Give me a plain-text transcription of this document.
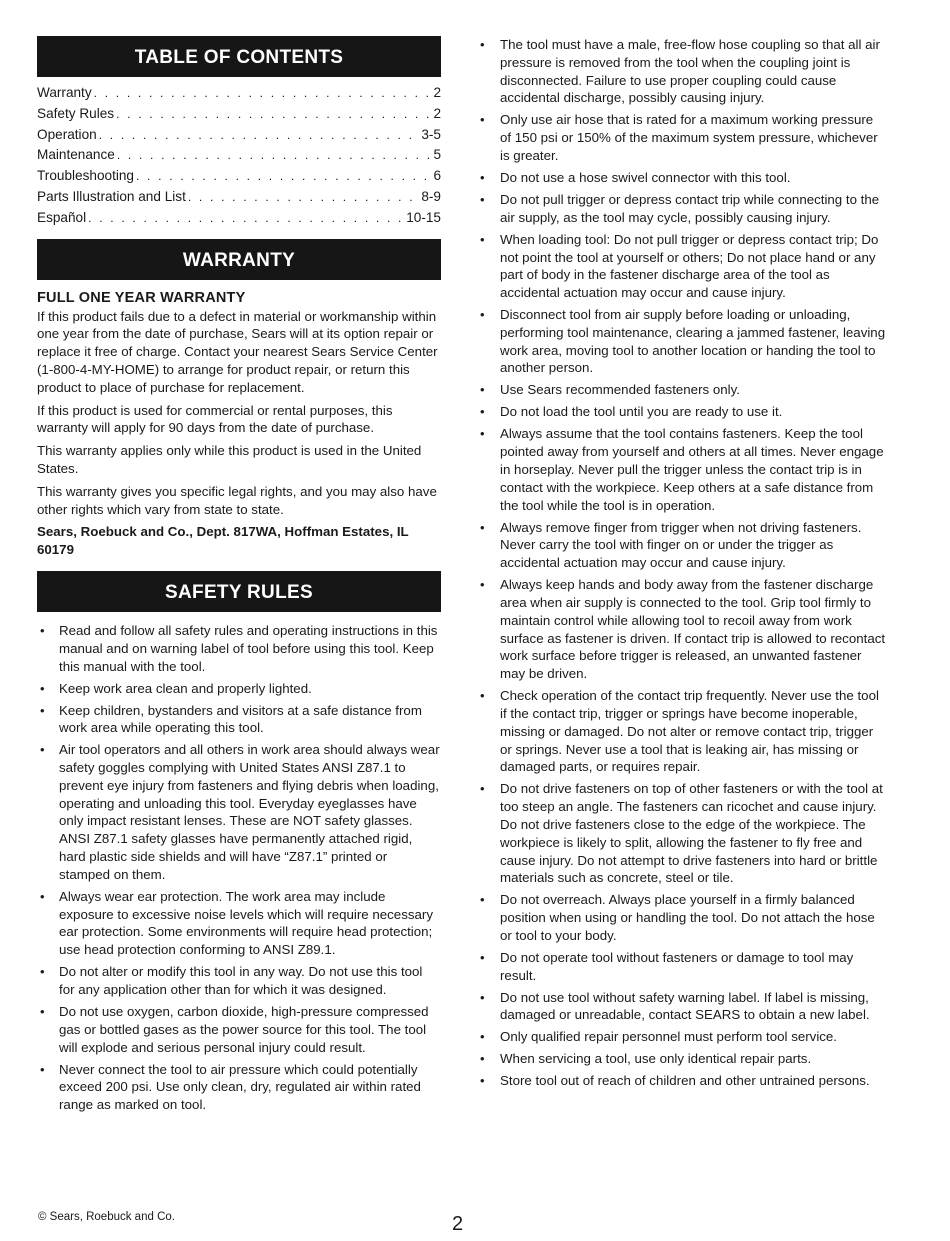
TABLE OF CONTENTS
Warranty . . .	2
Safety Rules . . .	2
Operation . . .	3-5
Maintenance . . .	5
Troubleshooting . . .	6
Parts Illustration and List . . .	8-9
Español . . .	10-15
WARRANTY
FULL ONE YEAR WARRANTY

If this product fails due to a defect in material or workmanship within one year from the date of purchase, Sears will at its option repair or replace it free of charge. Contact your nearest Sears Service Center (1-800-4-MY-HOME) to arrange for product repair, or return this product to place of purchase for replacement.

If this product is used for commercial or rental purposes, this warranty will apply for 90 days from the date of purchase.

This warranty applies only while this product is used in the United States.

This warranty gives you specific legal rights, and you may also have other rights which vary from state to state.

Sears, Roebuck and Co., Dept. 817WA, Hoffman Estates, IL 60179

SAFETY RULES
• Read and follow all safety rules and operating instructions in this manual and on warning label of tool before using this tool. Keep this manual with the tool.
• Keep work area clean and properly lighted.
• Keep children, bystanders and visitors at a safe distance from work area while operating this tool.
• Air tool operators and all others in work area should always wear safety goggles complying with United States ANSI Z87.1 to prevent eye injury from fasteners and flying debris when loading, operating and unloading this tool. Everyday eyeglasses have only impact resistant lenses. These are NOT safety glasses. ANSI Z87.1 safety glasses have permanently attached rigid, hard plastic side shields and will have “Z87.1” printed or stamped on them.
• Always wear ear protection. The work area may include exposure to excessive noise levels which will require necessary ear protection. Some environments will require head protection; use head protection conforming to ANSI Z89.1.
• Do not alter or modify this tool in any way. Do not use this tool for any application other than for which it was designed.
• Do not use oxygen, carbon dioxide, high-pressure compressed gas or bottled gases as the power source for this tool. The tool will explode and serious personal injury could result.
• Never connect the tool to air pressure which could potentially exceed 200 psi. Use only clean, dry, regulated air within rated range as marked on tool.
• The tool must have a male, free-flow hose coupling so that all air pressure is removed from the tool when the coupling joint is disconnected. Failure to use proper coupling could cause accidental discharge, possibly causing injury.
• Only use air hose that is rated for a maximum working pressure of 150 psi or 150% of the maximum system pressure, whichever is greater.
• Do not use a hose swivel connector with this tool.
• Do not pull trigger or depress contact trip while connecting to the air supply, as the tool may cycle, possibly causing injury.
• When loading tool: Do not pull trigger or depress contact trip; Do not point the tool at yourself or others; Do not place hand or any part of body in the fastener discharge area of the tool as accidental actuation may occur and cause injury.
• Disconnect tool from air supply before loading or unloading, performing tool maintenance, clearing a jammed fastener, leaving work area, moving tool to another location or handing the tool to another person.
• Use Sears recommended fasteners only.
• Do not load the tool until you are ready to use it.
• Always assume that the tool contains fasteners. Keep the tool pointed away from yourself and others at all times. Never engage in horseplay. Never pull the trigger unless the contact trip is in contact with the workpiece. Keep others at a safe distance from the tool while the tool is in operation.
• Always remove finger from trigger when not driving fasteners. Never carry the tool with finger on or under the trigger as accidental actuation may occur and cause injury.
• Always keep hands and body away from the fastener discharge area when air supply is connected to the tool. Grip tool firmly to maintain control while allowing tool to recoil away from work surface as fastener is driven. If contact trip is allowed to recontact work surface before trigger is released, an unwanted fastener may be driven.
• Check operation of the contact trip frequently. Never use the tool if the contact trip, trigger or springs have become inoperable, missing or damaged. Do not alter or remove contact trip, trigger or springs. Never use a tool that is leaking air, has missing or damaged parts, or requires repair.
• Do not drive fasteners on top of other fasteners or with the tool at too steep an angle. The fasteners can ricochet and cause injury. Do not drive fasteners close to the edge of the workpiece. The workpiece is likely to split, allowing the fastener to fly free and cause injury. Do not attempt to drive fasteners into hard or brittle materials such as concrete, steel or tile.
• Do not overreach. Always place yourself in a firmly balanced position when using or handling the tool. Do not attach the hose or tool to your body.
• Do not operate tool without fasteners or damage to tool may result.
• Do not use tool without safety warning label. If label is missing, damaged or unreadable, contact SEARS to obtain a new label.
• Only qualified repair personnel must perform tool service.
• When servicing a tool, use only identical repair parts.
• Store tool out of reach of children and other untrained persons.
© Sears, Roebuck and Co.	2
